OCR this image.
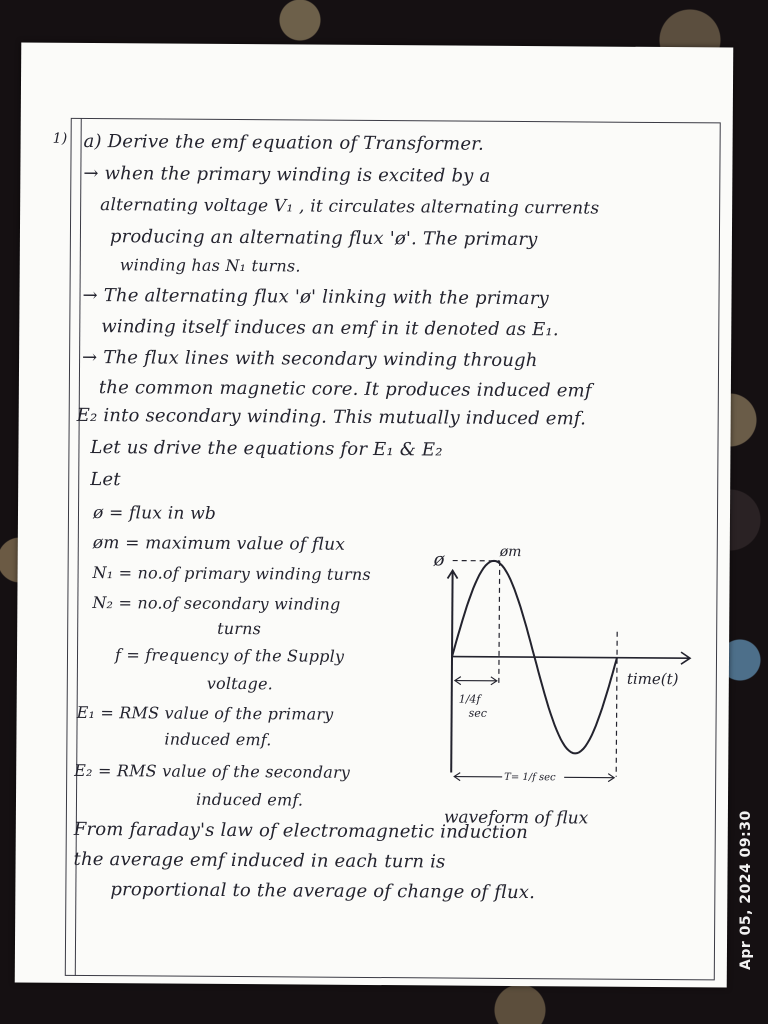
1) a) Derive the emf equation of Transformer.
→ when the primary winding is excited by a
alternating voltage V₁ , it circulates alternating currents
producing an alternating flux 'ø'. The primary
winding has N₁ turns.
→ The alternating flux 'ø' linking with the primary
winding itself induces an emf in it denoted as E₁.
→ The flux lines with secondary winding through
the common magnetic core. It produces induced emf
E₂ into secondary winding. This mutually induced emf.
Let us drive the equations for E₁ & E₂
Let
ø = flux in wb
øm = maximum value of flux
N₁ = no.of primary winding turns
N₂ = no.of secondary winding
turns
f = frequency of the Supply
voltage.
E₁ = RMS value of the primary
induced emf.
E₂ = RMS value of the secondary
induced emf.
From faraday's law of electromagnetic induction
the average emf induced in each turn is
proportional to the average of change of flux.
ø	øm
time(t)
1/4f
sec
T= 1/f sec
waveform of flux	Apr 05, 2024 09:30
